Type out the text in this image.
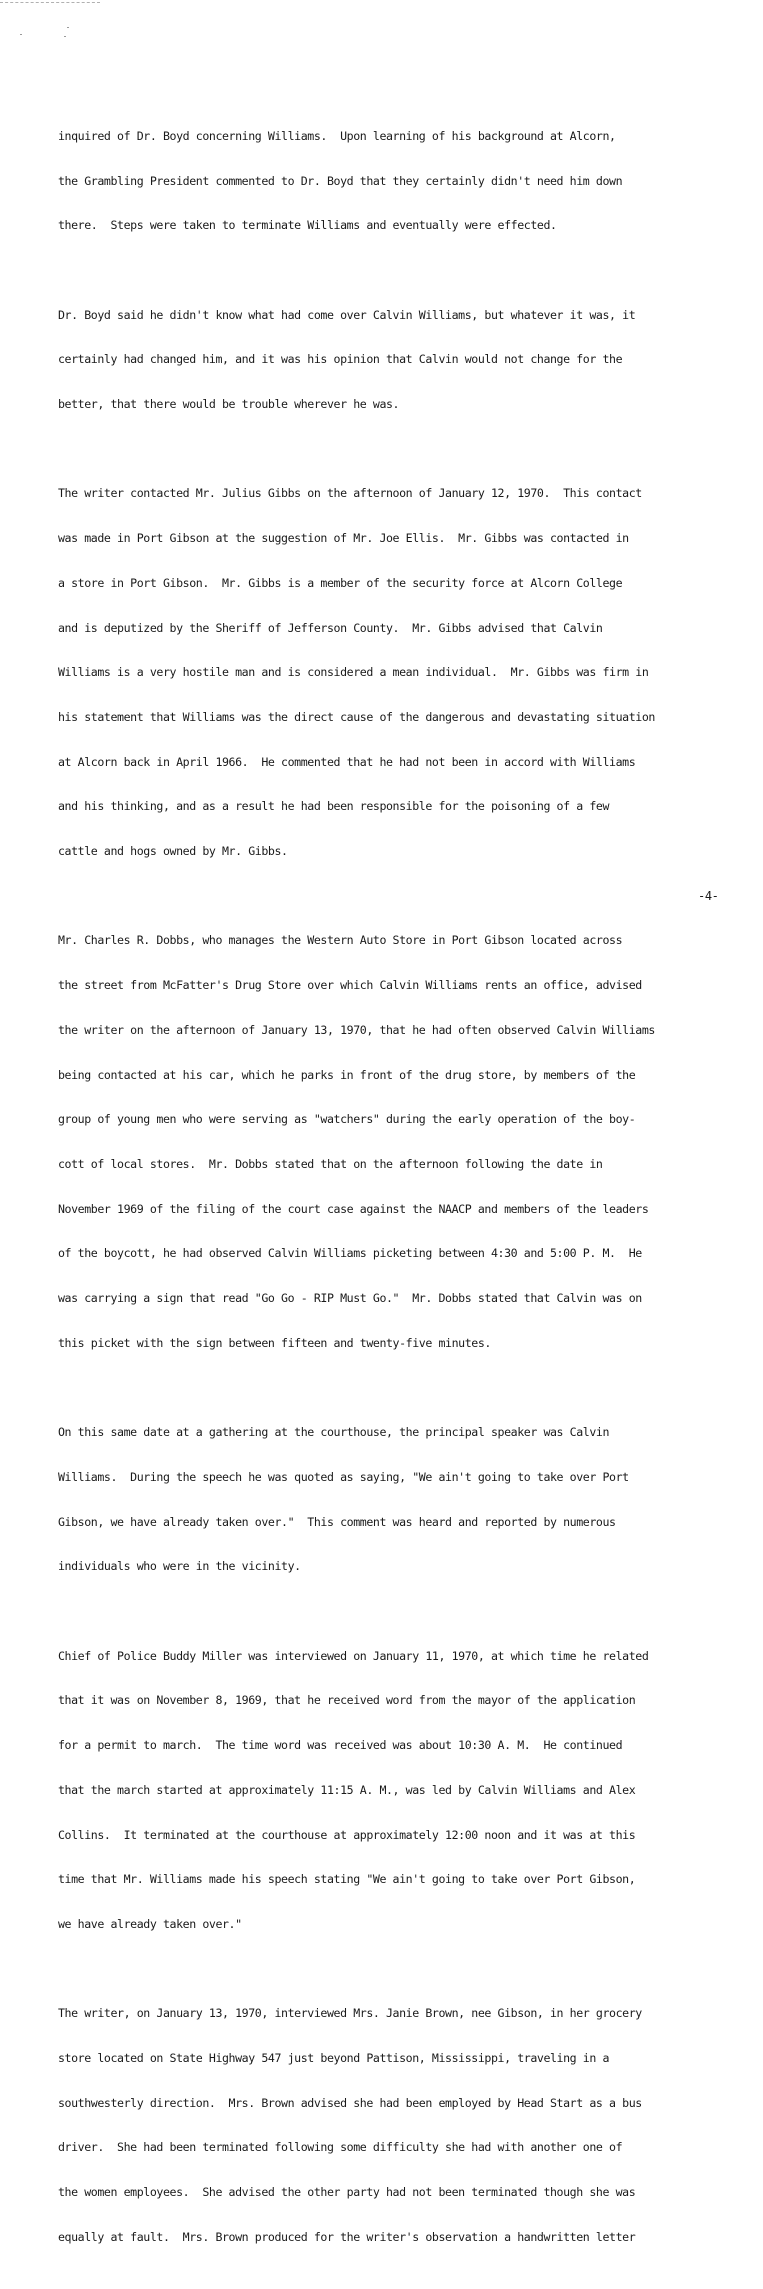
inquired of Dr. Boyd concerning Williams.  Upon learning of his background at Alcorn,

the Grambling President commented to Dr. Boyd that they certainly didn't need him down

there.  Steps were taken to terminate Williams and eventually were effected.

Dr. Boyd said he didn't know what had come over Calvin Williams, but whatever it was, it

certainly had changed him, and it was his opinion that Calvin would not change for the

better, that there would be trouble wherever he was.

The writer contacted Mr. Julius Gibbs on the afternoon of January 12, 1970.  This contact

was made in Port Gibson at the suggestion of Mr. Joe Ellis.  Mr. Gibbs was contacted in

a store in Port Gibson.  Mr. Gibbs is a member of the security force at Alcorn College

and is deputized by the Sheriff of Jefferson County.  Mr. Gibbs advised that Calvin

Williams is a very hostile man and is considered a mean individual.  Mr. Gibbs was firm in

his statement that Williams was the direct cause of the dangerous and devastating situation

at Alcorn back in April 1966.  He commented that he had not been in accord with Williams

and his thinking, and as a result he had been responsible for the poisoning of a few

cattle and hogs owned by Mr. Gibbs.

Mr. Charles R. Dobbs, who manages the Western Auto Store in Port Gibson located across

the street from McFatter's Drug Store over which Calvin Williams rents an office, advised

the writer on the afternoon of January 13, 1970, that he had often observed Calvin Williams

being contacted at his car, which he parks in front of the drug store, by members of the

group of young men who were serving as "watchers" during the early operation of the boy-

cott of local stores.  Mr. Dobbs stated that on the afternoon following the date in

November 1969 of the filing of the court case against the NAACP and members of the leaders

of the boycott, he had observed Calvin Williams picketing between 4:30 and 5:00 P. M.  He

was carrying a sign that read "Go Go - RIP Must Go."  Mr. Dobbs stated that Calvin was on

this picket with the sign between fifteen and twenty-five minutes.

On this same date at a gathering at the courthouse, the principal speaker was Calvin

Williams.  During the speech he was quoted as saying, "We ain't going to take over Port

Gibson, we have already taken over."  This comment was heard and reported by numerous

individuals who were in the vicinity.

Chief of Police Buddy Miller was interviewed on January 11, 1970, at which time he related

that it was on November 8, 1969, that he received word from the mayor of the application

for a permit to march.  The time word was received was about 10:30 A. M.  He continued

that the march started at approximately 11:15 A. M., was led by Calvin Williams and Alex

Collins.  It terminated at the courthouse at approximately 12:00 noon and it was at this

time that Mr. Williams made his speech stating "We ain't going to take over Port Gibson,

we have already taken over."

The writer, on January 13, 1970, interviewed Mrs. Janie Brown, nee Gibson, in her grocery

store located on State Highway 547 just beyond Pattison, Mississippi, traveling in a

southwesterly direction.  Mrs. Brown advised she had been employed by Head Start as a bus

driver.  She had been terminated following some difficulty she had with another one of

the women employees.  She advised the other party had not been terminated though she was

equally at fault.  Mrs. Brown produced for the writer's observation a handwritten letter

-4-
